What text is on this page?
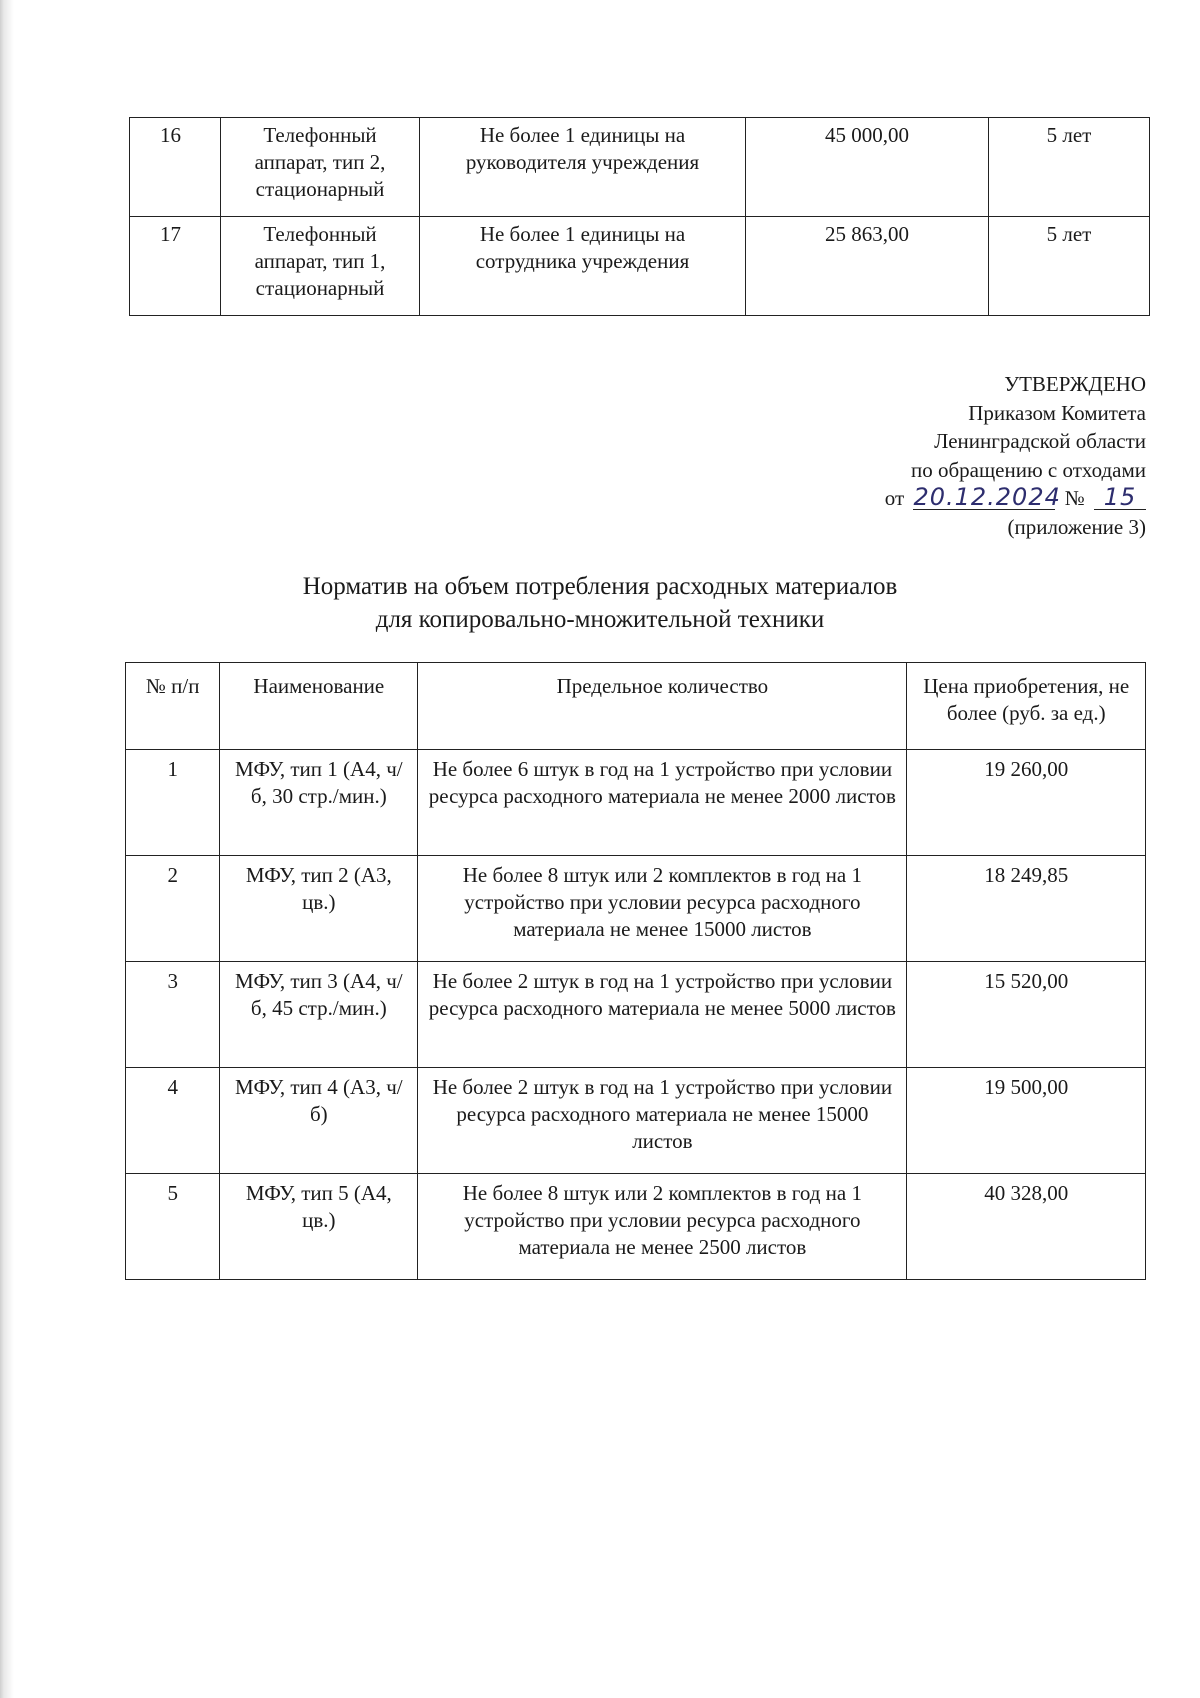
16	Телефонный аппарат, тип 2, стационарный	Не более 1 единицы на руководителя учреждения	45 000,00	5 лет
17	Телефонный аппарат, тип 1, стационарный	Не более 1 единицы на сотрудника учреждения	25 863,00	5 лет
УТВЕРЖДЕНО
Приказом Комитета
Ленинградской области
по обращению с отходами
от 20.12.2024 № 15
(приложение 3)
Норматив на объем потребления расходных материалов
для копировально-множительной техники
№ п/п	Наименование	Предельное количество	Цена приобретения, не более (руб. за ед.)
1	МФУ, тип 1 (А4, ч/б, 30 стр./мин.)	Не более 6 штук в год на 1 устройство при условии ресурса расходного материала не менее 2000 листов	19 260,00
2	МФУ, тип 2 (А3, цв.)	Не более 8 штук или 2 комплектов в год на 1 устройство при условии ресурса расходного материала не менее 15000 листов	18 249,85
3	МФУ, тип 3 (А4, ч/б, 45 стр./мин.)	Не более 2 штук в год на 1 устройство при условии ресурса расходного материала не менее 5000 листов	15 520,00
4	МФУ, тип 4 (А3, ч/б)	Не более 2 штук в год на 1 устройство при условии ресурса расходного материала не менее 15000 листов	19 500,00
5	МФУ, тип 5 (А4, цв.)	Не более 8 штук или 2 комплектов в год на 1 устройство при условии ресурса расходного материала не менее 2500 листов	40 328,00
